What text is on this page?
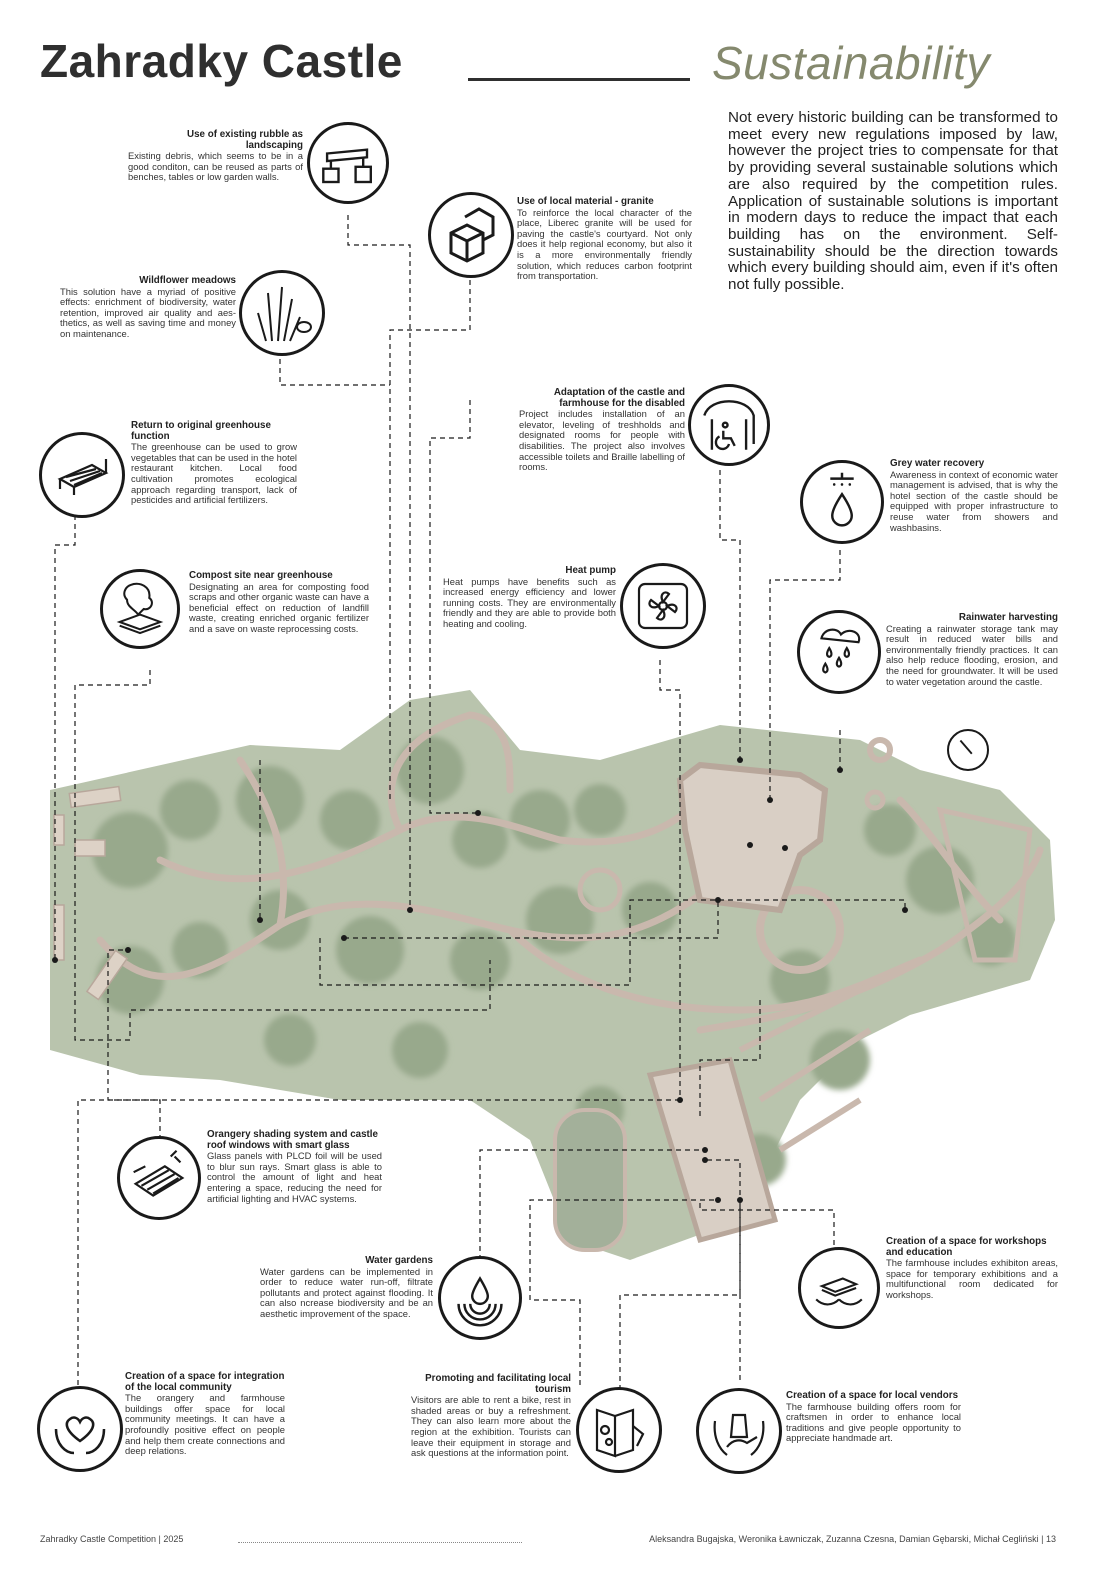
Zahradky Castle	Sustainability
Not every historic building can be transformed to meet every new regulations imposed by law, however the project tries to compensate for that by providing several sustainable solutions which are also required by the competition rules. Application of sustainable solutions is important in modern days to reduce the impact that each building has on the environment. Self-sustainability should be the direction towards which every building should aim, even if it's often not fully possible.
Use of existing rubble as landscaping
Existing debris, which seems to be in a good conditon, can be reused as parts of benches, tables or low garden walls.
Use of local material - granite
To reinforce the local character of the place, Liberec granite will be used for paving the castle's courtyard. Not only does it help regional economy, but also it is a more environmentally friendly solution, which reduces carbon footprint from transportation.
Wildflower meadows
This solution have a myriad of positive effects: enrichment of biodiversity, water retention, improved air quality and aes-thetics, as well as saving time and money on maintenance.
Adaptation of the castle and farmhouse for the disabled
Project includes installation of an elevator, leveling of treshholds and designated rooms for people with disabilities. The project also involves accessible toilets and Braille labelling of rooms.
Return to original greenhouse function
The greenhouse can be used to grow vegetables that can be used in the hotel restaurant kitchen. Local food cultivation promotes ecological approach regarding transport, lack of pesticides and artificial fertilizers.
Grey water recovery
Awareness in context of economic water management is advised, that is why the hotel section of the castle should be equipped with proper infrastructure to reuse water from showers and washbasins.
Compost site near greenhouse
Designating an area for composting food scraps and other organic waste can have a beneficial effect on reduction of landfill waste, creating enriched organic fertilizer and a save on waste reprocessing costs.
Heat pump
Heat pumps have benefits such as increased energy efficiency and lower running costs. They are environmentally friendly and they are able to provide both heating and cooling.
Rainwater harvesting
Creating a rainwater storage tank may result in reduced water bills and environmentally friendly practices. It can also help reduce flooding, erosion, and the need for groundwater. It will be used to water vegetation around the castle.
Orangery shading system and castle roof windows with smart glass
Glass panels with PLCD foil will be used to blur sun rays. Smart glass is able to control the amount of light and heat entering a space, reducing the need for artificial lighting and HVAC systems.
Water gardens
Water gardens can be implemented in order to reduce water run-off, filtrate pollutants and protect against flooding. It can also ncrease biodiversity and be an aesthetic improvement of the space.
Creation of a space for workshops and education
The farmhouse includes exhibiton areas, space for temporary exhibitions and a multifunctional room dedicated for workshops.
Creation of a space for integration of the local community
The orangery and farmhouse buildings offer space for local community meetings. It can have a profoundly positive effect on people and help them create connections and deep relations.
Promoting and facilitating local tourism
Visitors are able to rent a bike, rest in shaded areas or buy a refreshment. They can also learn more about the region at the exhibition. Tourists can leave their equipment in storage and ask questions at the information point.
Creation of a space for local vendors
The farmhouse building offers room for craftsmen in order to enhance local traditions and give people opportunity to appreciate handmade art.
Zahradky Castle Competition | 2025	Aleksandra Bugajska, Weronika Ławniczak, Zuzanna Czesna, Damian Gębarski, Michał Cegliński | 13
